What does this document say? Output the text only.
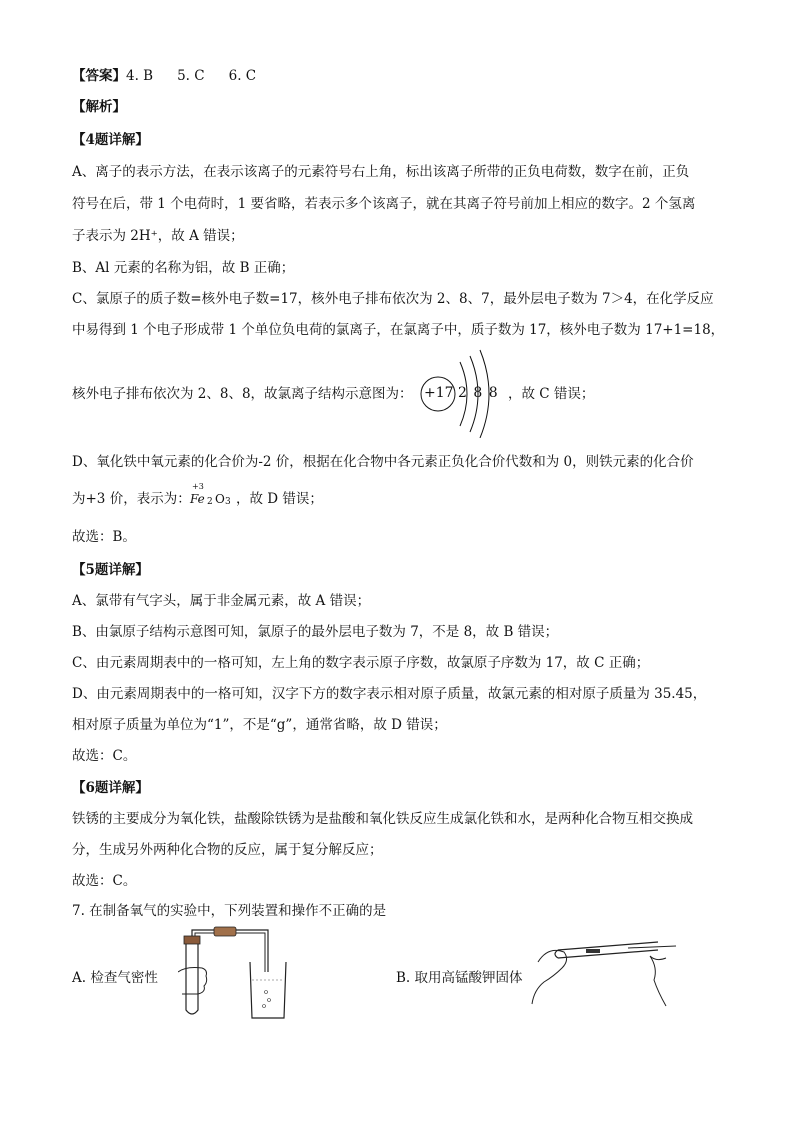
【答案】4. B 5. C 6. C
【解析】
【4题详解】
A、离子的表示方法，在表示该离子的元素符号右上角，标出该离子所带的正负电荷数，数字在前，正负
符号在后，带 1 个电荷时，1 要省略，若表示多个该离子，就在其离子符号前加上相应的数字。2 个氢离
子表示为 2H⁺，故 A 错误；
B、Al 元素的名称为铝，故 B 正确；
C、氯原子的质子数=核外电子数=17，核外电子排布依次为 2、8、7，最外层电子数为 7＞4，在化学反应
中易得到 1 个电子形成带 1 个单位负电荷的氯离子，在氯离子中，质子数为 17，核外电子数为 17+1=18，
核外电子排布依次为 2、8、8，故氯离子结构示意图为： +17 2 8 8 ，故 C 错误；
D、氧化铁中氧元素的化合价为-2 价，根据在化合物中各元素正负化合价代数和为 0，则铁元素的化合价
为+3 价，表示为：
+3
Fe 2 O 3 ，故 D 错误；
故选：B。
【5题详解】
A、氯带有气字头，属于非金属元素，故 A 错误；
B、由氯原子结构示意图可知，氯原子的最外层电子数为 7，不是 8，故 B 错误；
C、由元素周期表中的一格可知，左上角的数字表示原子序数，故氯原子序数为 17，故 C 正确；
D、由元素周期表中的一格可知，汉字下方的数字表示相对原子质量，故氯元素的相对原子质量为 35.45，
相对原子质量为单位为“1”，不是“g”，通常省略，故 D 错误；
故选：C。
【6题详解】
铁锈的主要成分为氧化铁，盐酸除铁锈为是盐酸和氧化铁反应生成氯化铁和水，是两种化合物互相交换成
分，生成另外两种化合物的反应，属于复分解反应；
故选：C。
7. 在制备氧气的实验中，下列装置和操作不正确的是
A. 检查气密性	B. 取用高锰酸钾固体
